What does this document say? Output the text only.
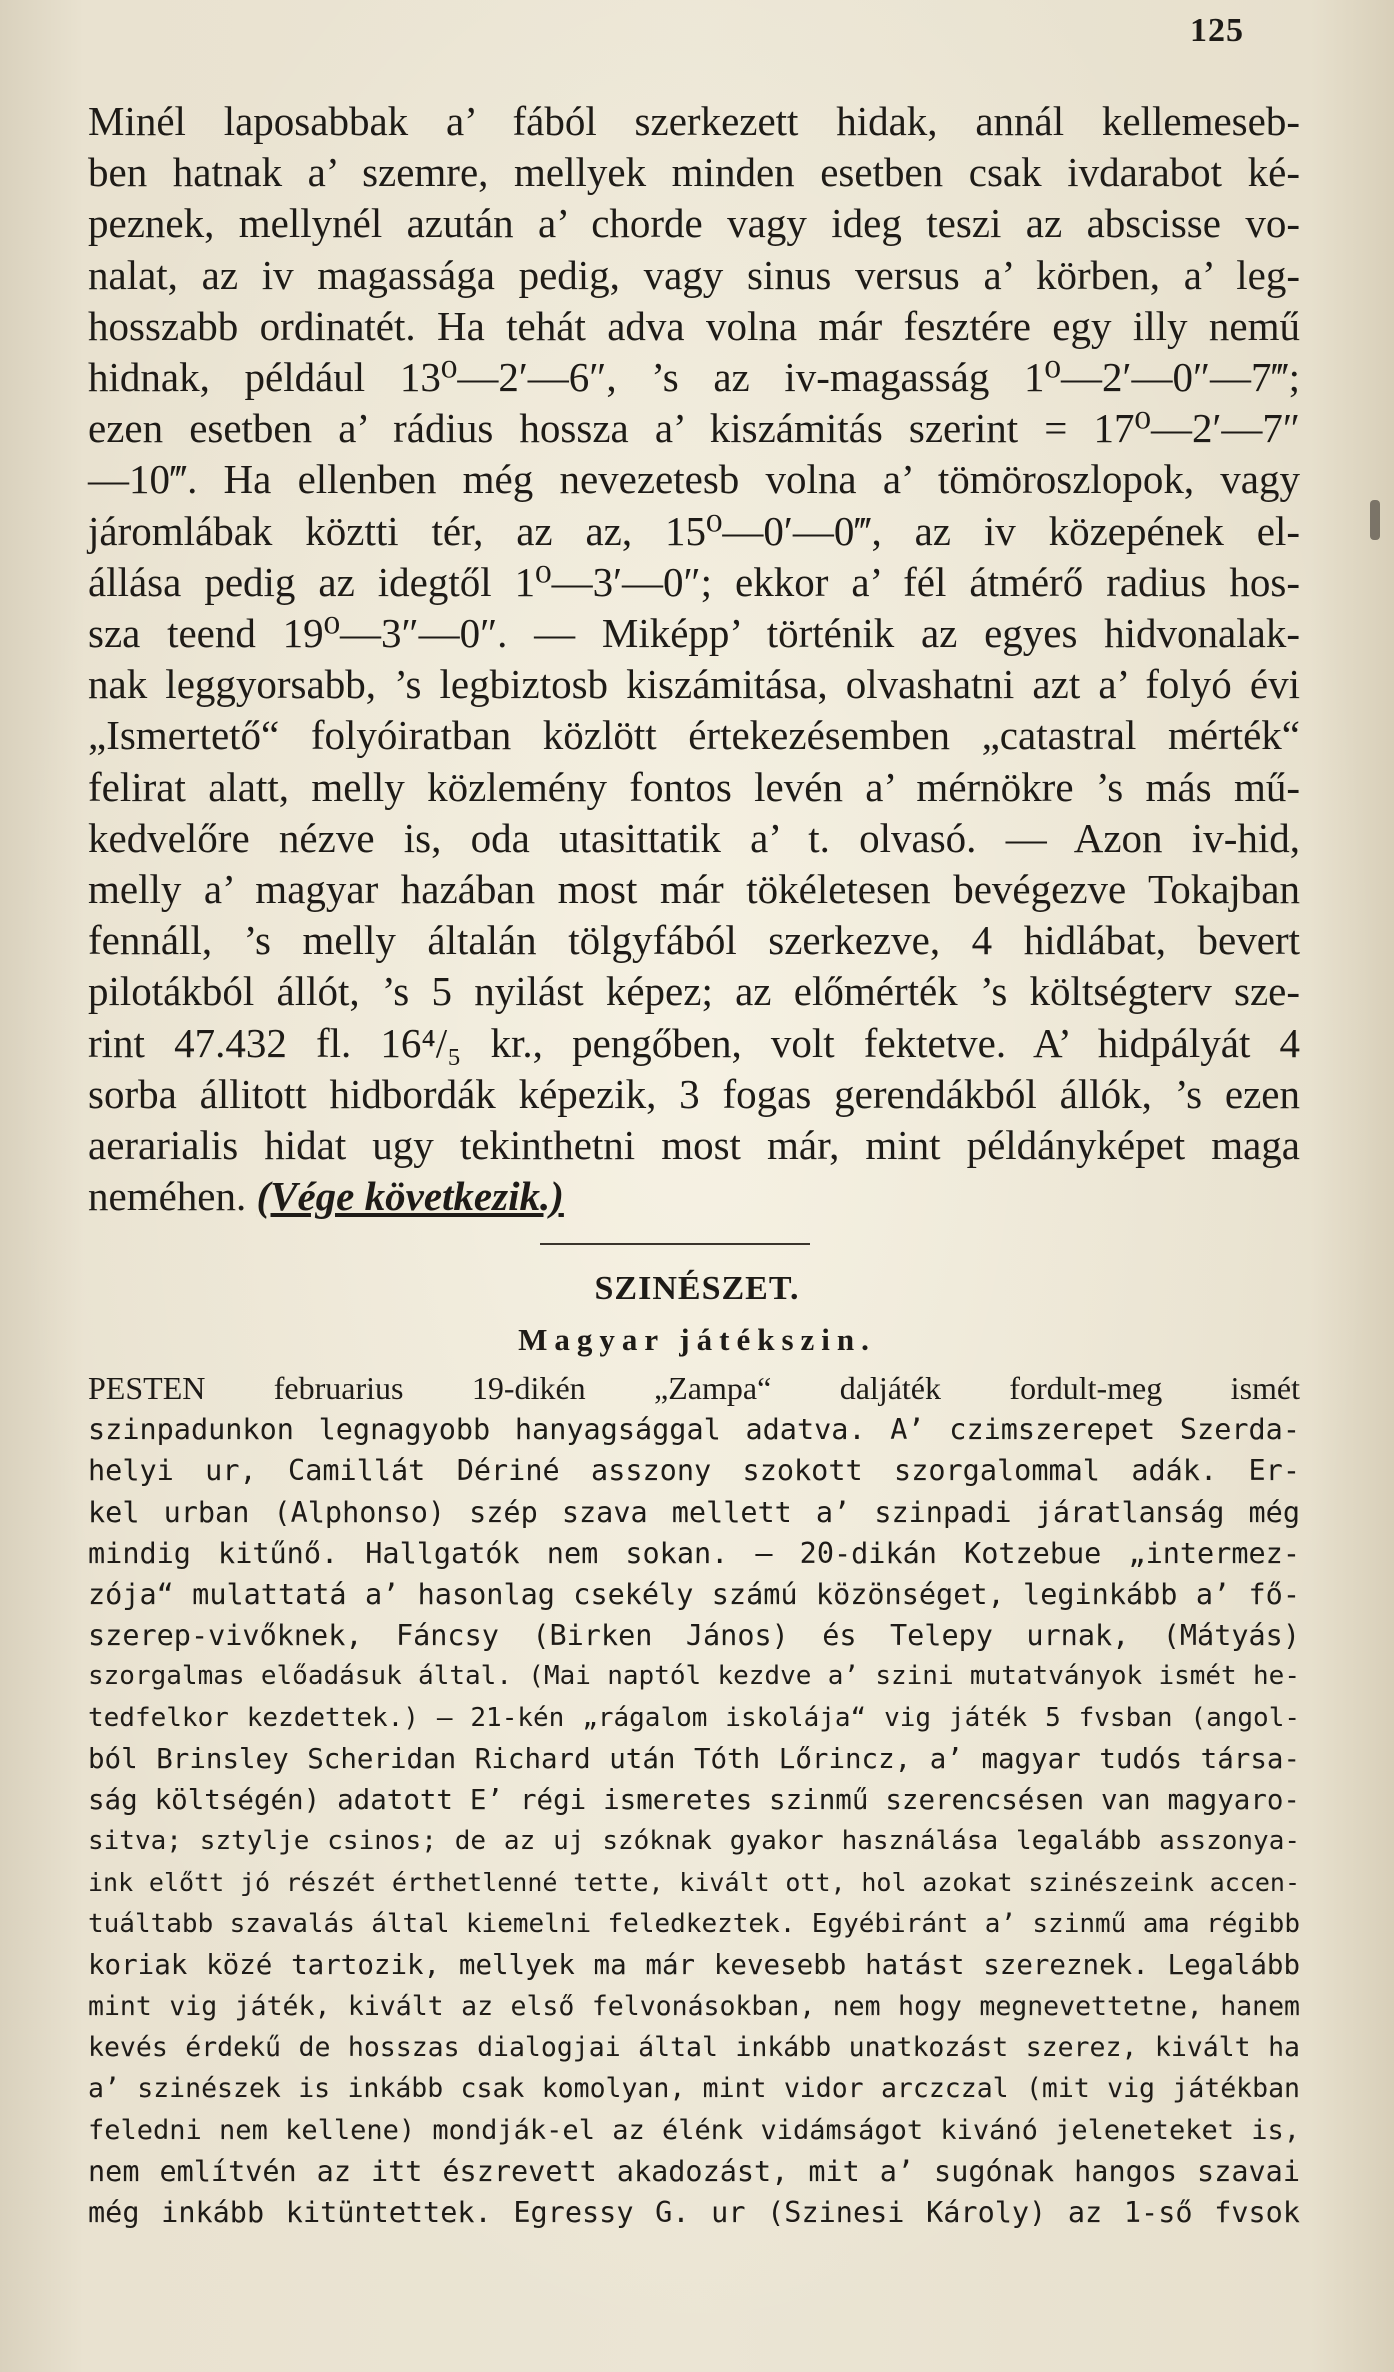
125
Minél laposabbak a’ fából szerkezett hidak, annál kellemeseb-
ben hatnak a’ szemre, mellyek minden esetben csak ivdarabot ké-
peznek, mellynél azután a’ chorde vagy ideg teszi az abscisse vo-
nalat, az iv magassága pedig, vagy sinus versus a’ körben, a’ leg-
hosszabb ordinatét. Ha tehát adva volna már fesztére egy illy nemű
hidnak, például 13⁰—2′—6″, ’s az iv-magasság 1⁰—2′—0″—7‴;
ezen esetben a’ rádius hossza a’ kiszámitás szerint = 17⁰—2′—7″
—10‴. Ha ellenben még nevezetesb volna a’ tömöroszlopok, vagy
járomlábak köztti tér, az az, 15⁰—0′—0‴, az iv közepének el-
állása pedig az idegtől 1⁰—3′—0″; ekkor a’ fél átmérő radius hos-
sza teend 19⁰—3″—0″. — Miképp’ történik az egyes hidvonalak-
nak leggyorsabb, ’s legbiztosb kiszámitása, olvashatni azt a’ folyó évi
„Ismertető“ folyóiratban közlött értekezésemben „catastral mérték“
felirat alatt, melly közlemény fontos levén a’ mérnökre ’s más mű-
kedvelőre nézve is, oda utasittatik a’ t. olvasó. — Azon iv-hid,
melly a’ magyar hazában most már tökéletesen bevégezve Tokajban
fennáll, ’s melly általán tölgyfából szerkezve, 4 hidlábat, bevert
pilotákból állót, ’s 5 nyilást képez; az előmérték ’s költségterv sze-
rint 47.432 fl. 16⁴/₅ kr., pengőben, volt fektetve. A’ hidpályát 4
sorba állitott hidbordák képezik, 3 fogas gerendákból állók, ’s ezen
aerarialis hidat ugy tekinthetni most már, mint példányképet maga
neméhen. (Vége következik.)
SZINÉSZET.
Magyar játékszin.
PESTEN februarius 19-dikén „Zampa“ daljáték fordult-meg ismét
szinpadunkon legnagyobb hanyagsággal adatva. A’ czimszerepet Szerda-
helyi ur, Camillát Dériné asszony szokott szorgalommal adák. Er-
kel urban (Alphonso) szép szava mellett a’ szinpadi járatlanság még
mindig kitűnő. Hallgatók nem sokan. — 20-dikán Kotzebue „intermez-
zója“ mulattatá a’ hasonlag csekély számú közönséget, leginkább a’ fő-
szerep-vivőknek, Fáncsy (Birken János) és Telepy urnak, (Mátyás)
szorgalmas előadásuk által. (Mai naptól kezdve a’ szini mutatványok ismét he-
tedfelkor kezdettek.) — 21-kén „rágalom iskolája“ vig játék 5 fvsban (angol-
ból Brinsley Scheridan Richard után Tóth Lőrincz, a’ magyar tudós társa-
ság költségén) adatott E’ régi ismeretes szinmű szerencsésen van magyaro-
sitva; sztylje csinos; de az uj szóknak gyakor használása legalább asszonya-
ink előtt jó részét érthetlenné tette, kivált ott, hol azokat szinészeink accen-
tuáltabb szavalás által kiemelni feledkeztek. Egyébiránt a’ szinmű ama régibb
koriak közé tartozik, mellyek ma már kevesebb hatást szereznek. Legalább
mint vig játék, kivált az első felvonásokban, nem hogy megnevettetne, hanem
kevés érdekű de hosszas dialogjai által inkább unatkozást szerez, kivált ha
a’ szinészek is inkább csak komolyan, mint vidor arczczal (mit vig játékban
feledni nem kellene) mondják-el az élénk vidámságot kivánó jeleneteket is,
nem említvén az itt észrevett akadozást, mit a’ sugónak hangos szavai
még inkább kitüntettek. Egressy G. ur (Szinesi Károly) az 1-ső fvsok
